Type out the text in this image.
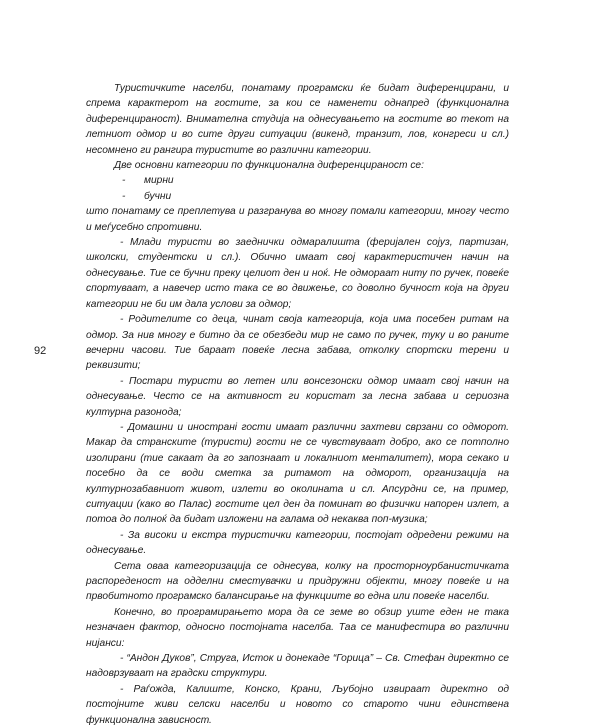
92

Туристичките населби, понатаму програмски ќе бидат диференцирани, и спрема карактерот на гостите, за кои се наменети однапред (функционална диференцираност). Внимателна студија на однесувањето на гостите во текот на летниот одмор и во сите други ситуации (викенд, транзит, лов, конгреси и сл.) несомнено ги рангира туристите во различни категории.

Две основни категории по функционална диференцираност се:

- мирни

- бучни

што понатаму се преплетува и разгранува во многу помали категории, многу често и меѓусебно спротивни.

- Млади туристи во заеднички одмаралишта (феријален сојуз, партизан, школски, студентски и сл.). Обично имаат свој карактеристичен начин на однесување. Тие се бучни преку целиот ден и ноќ. Не одмораат ниту по ручек, повеќе спортуваат, а навечер исто така се во движење, со доволно бучност која на други категории не би им дала услови за одмор;

- Родителите со деца, чинат своја категорија, која има посебен ритам на одмор. За нив многу е битно да се обезбеди мир не само по ручек, туку и во раните вечерни часови. Тие бараат повеќе лесна забава, отколку спортски терени и реквизити;

- Постари туристи во летен или вонсезонски одмор имаат свој начин на однесување. Често се на активност ги користат за лесна забава и сериозна културна разонода;

- Домашни и иностранi гости имаат различни захтеви сврзани со одморот. Макар да странските (туристи) гости не се чувствуваат добро, ако се потполно изолирани (тие сакаат да го запознаат и локалниот менталитет), мора секако и посебно да се води сметка за ритамот на одморот, организација на културнозабавниот живот, излети во околината и сл. Апсурдни се, на пример, ситуации (како во Палас) гостите цел ден да поминат во физички напорен излет, а потоа до полноќ да бидат изложени на галама од некаква поп-музика;

- За високи и екстра туристички категории, постојат одредени режими на однесување.

Сета оваа категоризација се однесува, колку на просторноурбанистичката распореденост на одделни сместувачки и придружни објекти, многу повеќе и на првобитното програмско балансирање на функциите во една или повеќе населби.

Конечно, во програмирањето мора да се земе во обзир уште еден не така незначаен фактор, односно постојната населба. Таа се манифестира во различни нијанси:

- “Андон Дуков”, Струга, Исток и донекаде “Горица” – Св. Стефан директно се надоврзуваат на градски структури.

- Раѓожда, Калиште, Конско, Крани, Љубојно извираат директно од постојните живи селски населби и новото со старото чини единствена функционална зависност.
